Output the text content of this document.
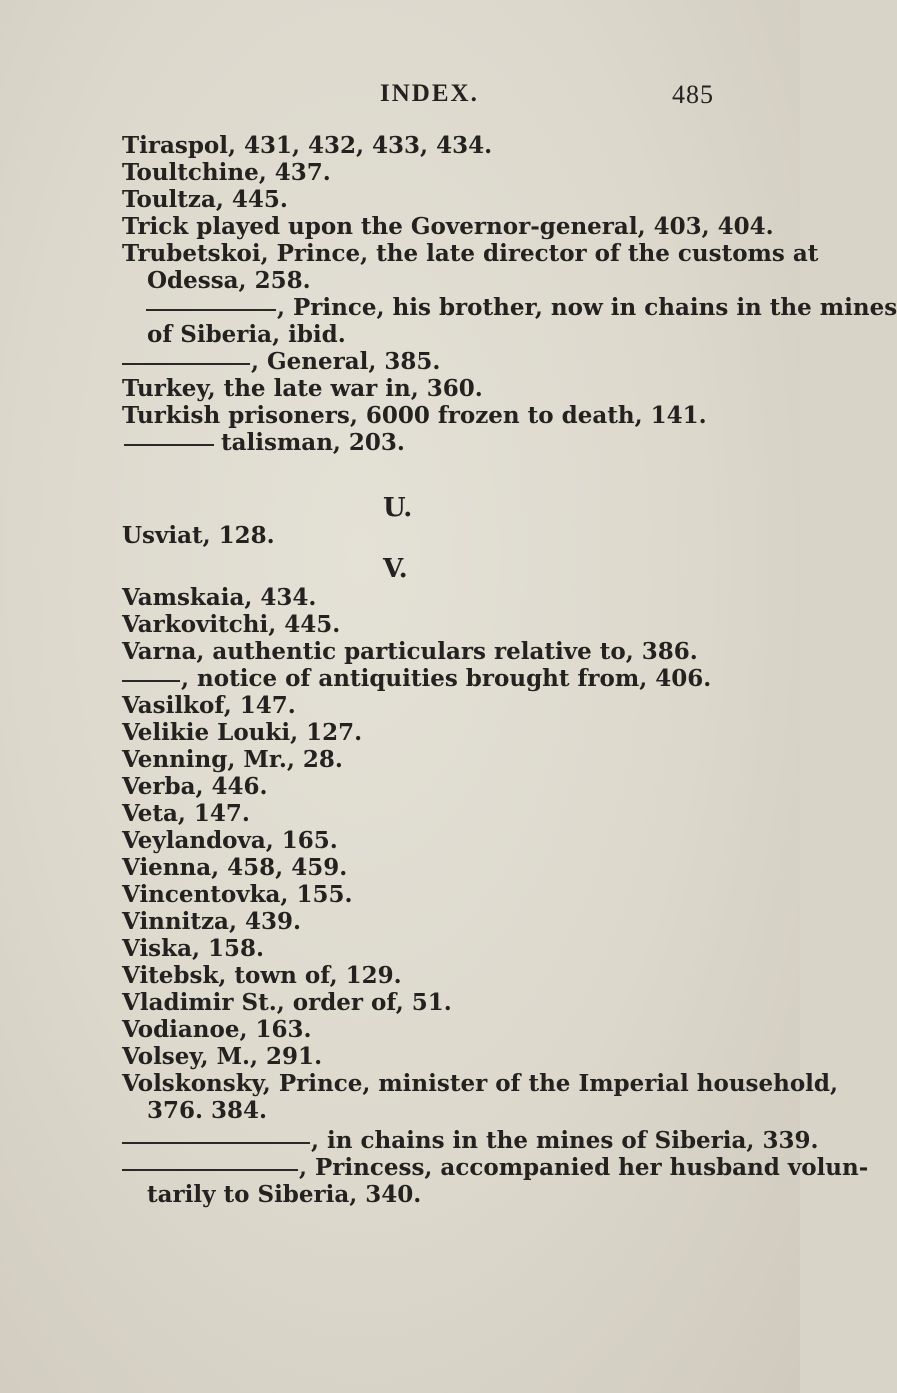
INDEX.	485
Tiraspol, 431, 432, 433, 434.
Toultchine, 437.
Toultza, 445.
Trick played upon the Governor-general, 403, 404.
Trubetskoi, Prince, the late director of the customs at
Odessa, 258.
, Prince, his brother, now in chains in the mines
of Siberia, ibid.
, General, 385.
Turkey, the late war in, 360.
Turkish prisoners, 6000 frozen to death, 141.
talisman, 203.
U.
Usviat, 128.
V.
Vamskaia, 434.
Varkovitchi, 445.
Varna, authentic particulars relative to, 386.
, notice of antiquities brought from, 406.
Vasilkof, 147.
Velikie Louki, 127.
Venning, Mr., 28.
Verba, 446.
Veta, 147.
Veylandova, 165.
Vienna, 458, 459.
Vincentovka, 155.
Vinnitza, 439.
Viska, 158.
Vitebsk, town of, 129.
Vladimir St., order of, 51.
Vodianoe, 163.
Volsey, M., 291.
Volskonsky, Prince, minister of the Imperial household,
376. 384.
, in chains in the mines of Siberia, 339.
, Princess, accompanied her husband volun-
tarily to Siberia, 340.
